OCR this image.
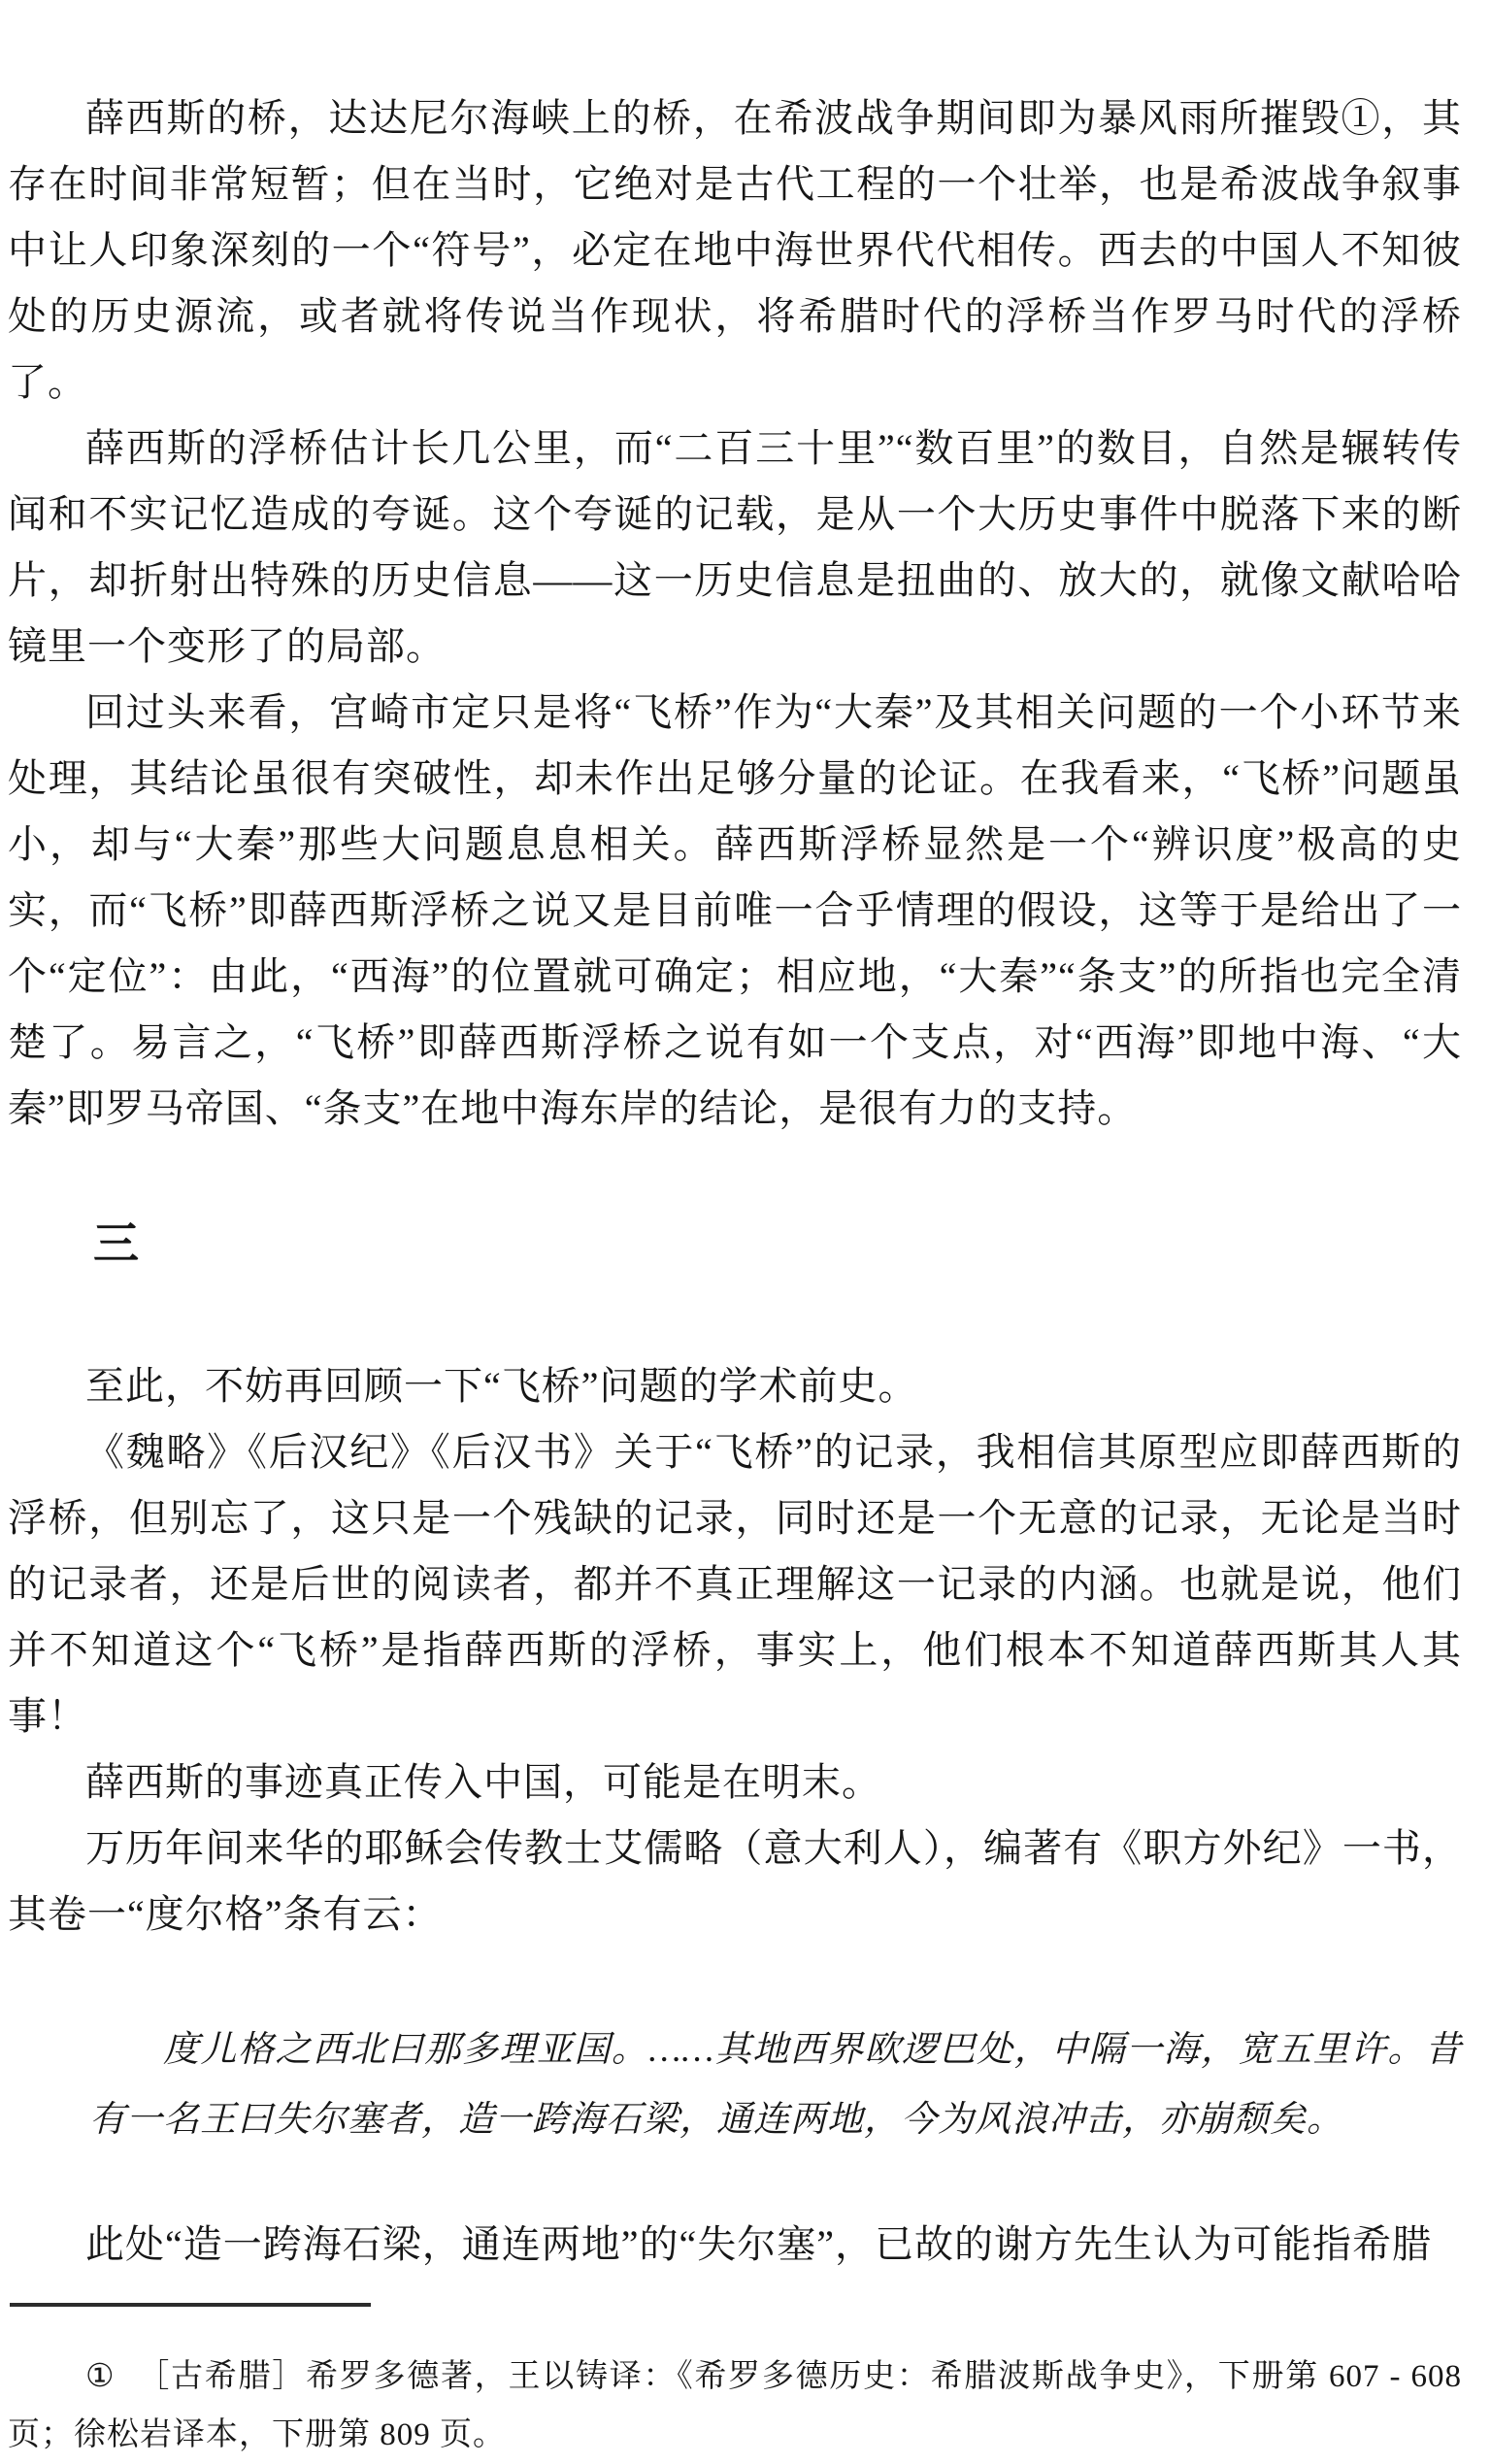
薛西斯的桥，达达尼尔海峡上的桥，在希波战争期间即为暴风雨所摧毁①，其存在时间非常短暂；但在当时，它绝对是古代工程的一个壮举，也是希波战争叙事中让人印象深刻的一个“符号”，必定在地中海世界代代相传。西去的中国人不知彼处的历史源流，或者就将传说当作现状，将希腊时代的浮桥当作罗马时代的浮桥了。

薛西斯的浮桥估计长几公里，而“二百三十里”“数百里”的数目，自然是辗转传闻和不实记忆造成的夸诞。这个夸诞的记载，是从一个大历史事件中脱落下来的断片，却折射出特殊的历史信息——这一历史信息是扭曲的、放大的，就像文献哈哈镜里一个变形了的局部。

回过头来看，宫崎市定只是将“飞桥”作为“大秦”及其相关问题的一个小环节来处理，其结论虽很有突破性，却未作出足够分量的论证。在我看来，“飞桥”问题虽小，却与“大秦”那些大问题息息相关。薛西斯浮桥显然是一个“辨识度”极高的史实，而“飞桥”即薛西斯浮桥之说又是目前唯一合乎情理的假设，这等于是给出了一个“定位”：由此，“西海”的位置就可确定；相应地，“大秦”“条支”的所指也完全清楚了。易言之，“飞桥”即薛西斯浮桥之说有如一个支点，对“西海”即地中海、“大秦”即罗马帝国、“条支”在地中海东岸的结论，是很有力的支持。

三

至此，不妨再回顾一下“飞桥”问题的学术前史。

《魏略》《后汉纪》《后汉书》关于“飞桥”的记录，我相信其原型应即薛西斯的浮桥，但别忘了，这只是一个残缺的记录，同时还是一个无意的记录，无论是当时的记录者，还是后世的阅读者，都并不真正理解这一记录的内涵。也就是说，他们并不知道这个“飞桥”是指薛西斯的浮桥，事实上，他们根本不知道薛西斯其人其事！

薛西斯的事迹真正传入中国，可能是在明末。

万历年间来华的耶稣会传教士艾儒略（意大利人），编著有《职方外纪》一书，其卷一“度尔格”条有云：

度儿格之西北曰那多理亚国。……其地西界欧逻巴处，中隔一海，宽五里许。昔有一名王曰失尔塞者，造一跨海石梁，通连两地，今为风浪冲击，亦崩颓矣。

此处“造一跨海石梁，通连两地”的“失尔塞”，已故的谢方先生认为可能指希腊

① ［古希腊］希罗多德著，王以铸译：《希罗多德历史：希腊波斯战争史》，下册第 607 - 608 页；徐松岩译本，下册第 809 页。
